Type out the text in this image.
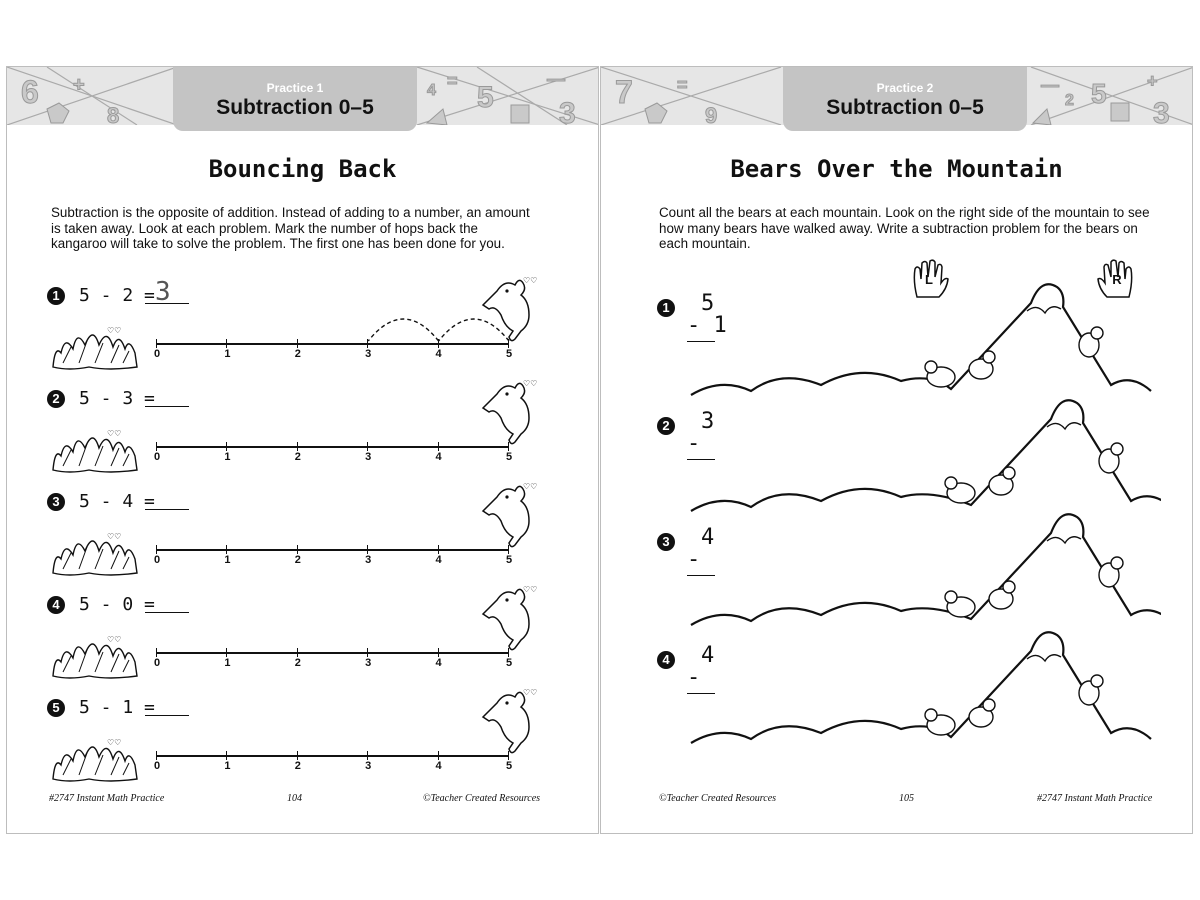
6 +
8
4 = 5 3
—
Practice 1
Subtraction 0–5
Bouncing Back
Subtraction is the opposite of addition. Instead of adding to a number, an amount is taken away. Look at each problem. Mark the number of hops back the kangaroo will take to solve the problem. The first one has been done for you.
1 5 - 2 = 3
♡♡
♡♡
0	1	2	3	4	5
2 5 - 3 =
♡♡
♡♡
0	1	2	3	4	5
3 5 - 4 =
♡♡
♡♡
0	1	2	3	4	5
4 5 - 0 =
♡♡
♡♡
0	1	2	3	4	5
5 5 - 1 =
♡♡
♡♡
0	1	2	3	4	5
#2747 Instant Math Practice	104	©Teacher Created Resources
7 =
9
—
2 5
3
+
Practice 2
Subtraction 0–5
Bears Over the Mountain
Count all the bears at each mountain. Look on the right side of the mountain to see how many bears have walked away. Write a subtraction problem for the bears on each mountain.
L	R
1 5
- 1
2 3
-
3 4
-
4 4
-
©Teacher Created Resources	105	#2747 Instant Math Practice
